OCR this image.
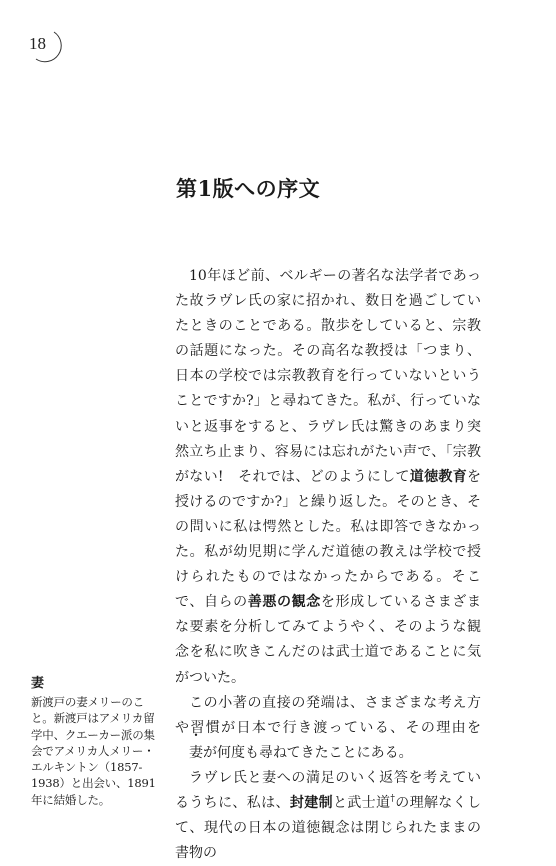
18
第1版への序文

10年ほど前、ベルギーの著名な法学者であった故ラヴレ氏の家に招かれ、数日を過ごしていたときのことである。散歩をしていると、宗教の話題になった。その高名な教授は「つまり、日本の学校では宗教教育を行っていないということですか?」と尋ねてきた。私が、行っていないと返事をすると、ラヴレ氏は驚きのあまり突然立ち止まり、容易には忘れがたい声で、「宗教がない!　それでは、どのようにして道徳教育を授けるのですか?」と繰り返した。そのとき、その問いに私は愕然とした。私は即答できなかった。私が幼児期に学んだ道徳の教えは学校で授けられたものではなかったからである。そこで、自らの善悪の観念を形成しているさまざまな要素を分析してみてようやく、そのような観念を私に吹きこんだのは武士道であることに気がついた。

この小著の直接の発端は、さまざまな考え方や習慣が日本で行き渡っている、その理由を妻が何度も尋ねてきたことにある。

ラヴレ氏と妻への満足のいく返答を考えているうちに、私は、封建制と武士道†の理解なくして、現代の日本の道徳観念は閉じられたままの書物の

妻

新渡戸の妻メリーのこと。新渡戸はアメリカ留学中、クエーカー派の集会でアメリカ人メリー・エルキントン（1857-1938）と出会い、1891年に結婚した。
